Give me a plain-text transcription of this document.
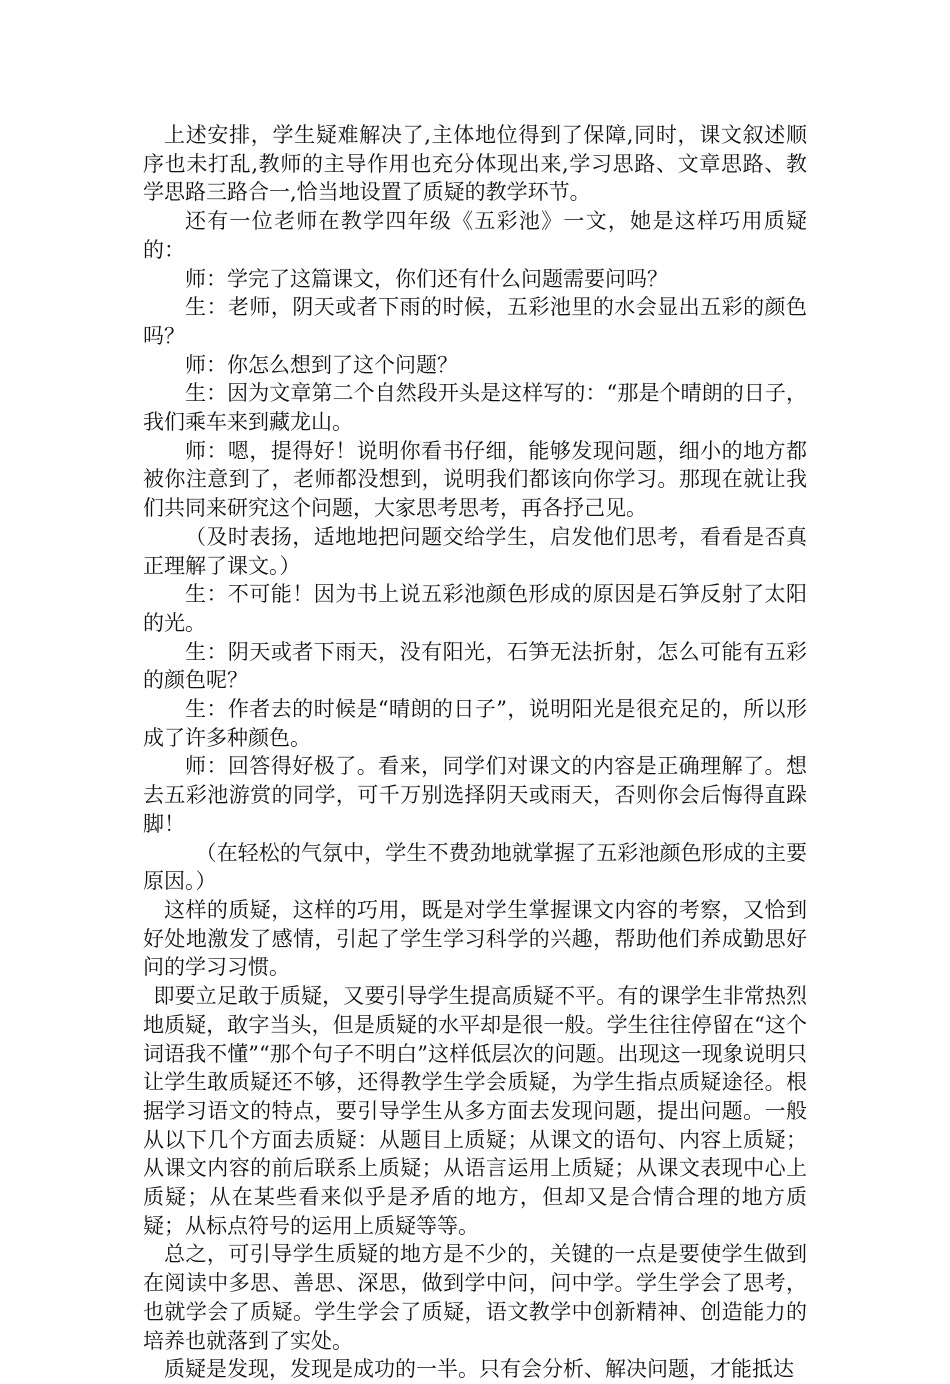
上述安排，学生疑难解决了,主体地位得到了保障,同时，课文叙述顺序也未打乱,教师的主导作用也充分体现出来,学习思路、文章思路、教学思路三路合一,恰当地设置了质疑的教学环节。

还有一位老师在教学四年级《五彩池》一文，她是这样巧用质疑的：

师：学完了这篇课文，你们还有什么问题需要问吗？

生：老师，阴天或者下雨的时候，五彩池里的水会显出五彩的颜色吗？

师：你怎么想到了这个问题？

生：因为文章第二个自然段开头是这样写的：“那是个晴朗的日子，我们乘车来到藏龙山。

师：嗯，提得好！说明你看书仔细，能够发现问题，细小的地方都被你注意到了，老师都没想到，说明我们都该向你学习。那现在就让我们共同来研究这个问题，大家思考思考，再各抒己见。

（及时表扬，适地地把问题交给学生，启发他们思考，看看是否真正理解了课文。）

生：不可能！因为书上说五彩池颜色形成的原因是石笋反射了太阳的光。

生：阴天或者下雨天，没有阳光，石笋无法折射，怎么可能有五彩的颜色呢？

生：作者去的时候是“晴朗的日子”，说明阳光是很充足的，所以形成了许多种颜色。

师：回答得好极了。看来，同学们对课文的内容是正确理解了。想去五彩池游赏的同学，可千万别选择阴天或雨天，否则你会后悔得直跺脚！

（在轻松的气氛中，学生不费劲地就掌握了五彩池颜色形成的主要原因。）

这样的质疑，这样的巧用，既是对学生掌握课文内容的考察，又恰到好处地激发了感情，引起了学生学习科学的兴趣，帮助他们养成勤思好问的学习习惯。

即要立足敢于质疑，又要引导学生提高质疑不平。有的课学生非常热烈地质疑，敢字当头，但是质疑的水平却是很一般。学生往往停留在“这个词语我不懂”“那个句子不明白”这样低层次的问题。出现这一现象说明只让学生敢质疑还不够，还得教学生学会质疑，为学生指点质疑途径。根据学习语文的特点，要引导学生从多方面去发现问题，提出问题。一般从以下几个方面去质疑：从题目上质疑；从课文的语句、内容上质疑；从课文内容的前后联系上质疑；从语言运用上质疑；从课文表现中心上质疑；从在某些看来似乎是矛盾的地方，但却又是合情合理的地方质疑；从标点符号的运用上质疑等等。

总之，可引导学生质疑的地方是不少的，关键的一点是要使学生做到在阅读中多思、善思、深思，做到学中问，问中学。学生学会了思考，也就学会了质疑。学生学会了质疑，语文教学中创新精神、创造能力的培养也就落到了实处。

质疑是发现，发现是成功的一半。只有会分析、解决问题，才能抵达
